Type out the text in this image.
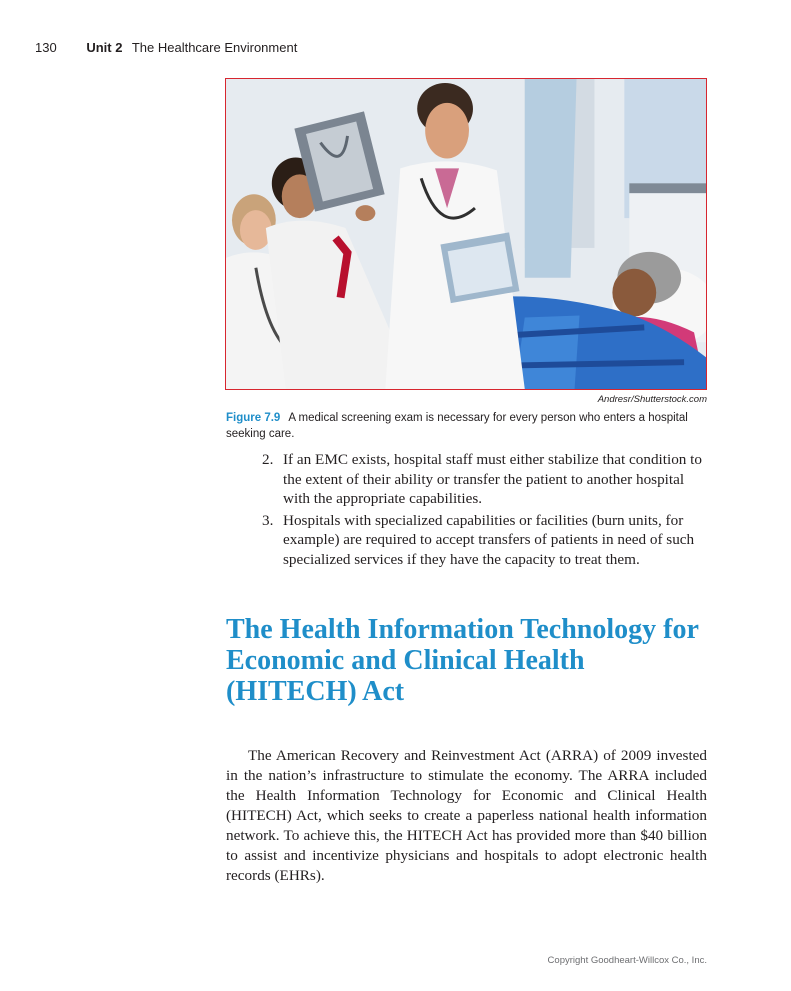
130 Unit 2 The Healthcare Environment
Andresr/Shutterstock.com
Figure 7.9 A medical screening exam is necessary for every person who enters a hospital seeking care.
2. If an EMC exists, hospital staff must either stabilize that condition to the extent of their ability or transfer the patient to another hospital with the appropriate capabilities.
3. Hospitals with specialized capabilities or facilities (burn units, for example) are required to accept transfers of patients in need of such specialized services if they have the capacity to treat them.
The Health Information Technology for Economic and Clinical Health (HITECH) Act

The American Recovery and Reinvestment Act (ARRA) of 2009 invested in the nation’s infrastructure to stimulate the economy. The ARRA included the Health Information Technology for Economic and Clinical Health (HITECH) Act, which seeks to create a paperless national health information network. To achieve this, the HITECH Act has provided more than $40 billion to assist and incentivize physicians and hospitals to adopt electronic health records (EHRs).

Copyright Goodheart-Willcox Co., Inc.
